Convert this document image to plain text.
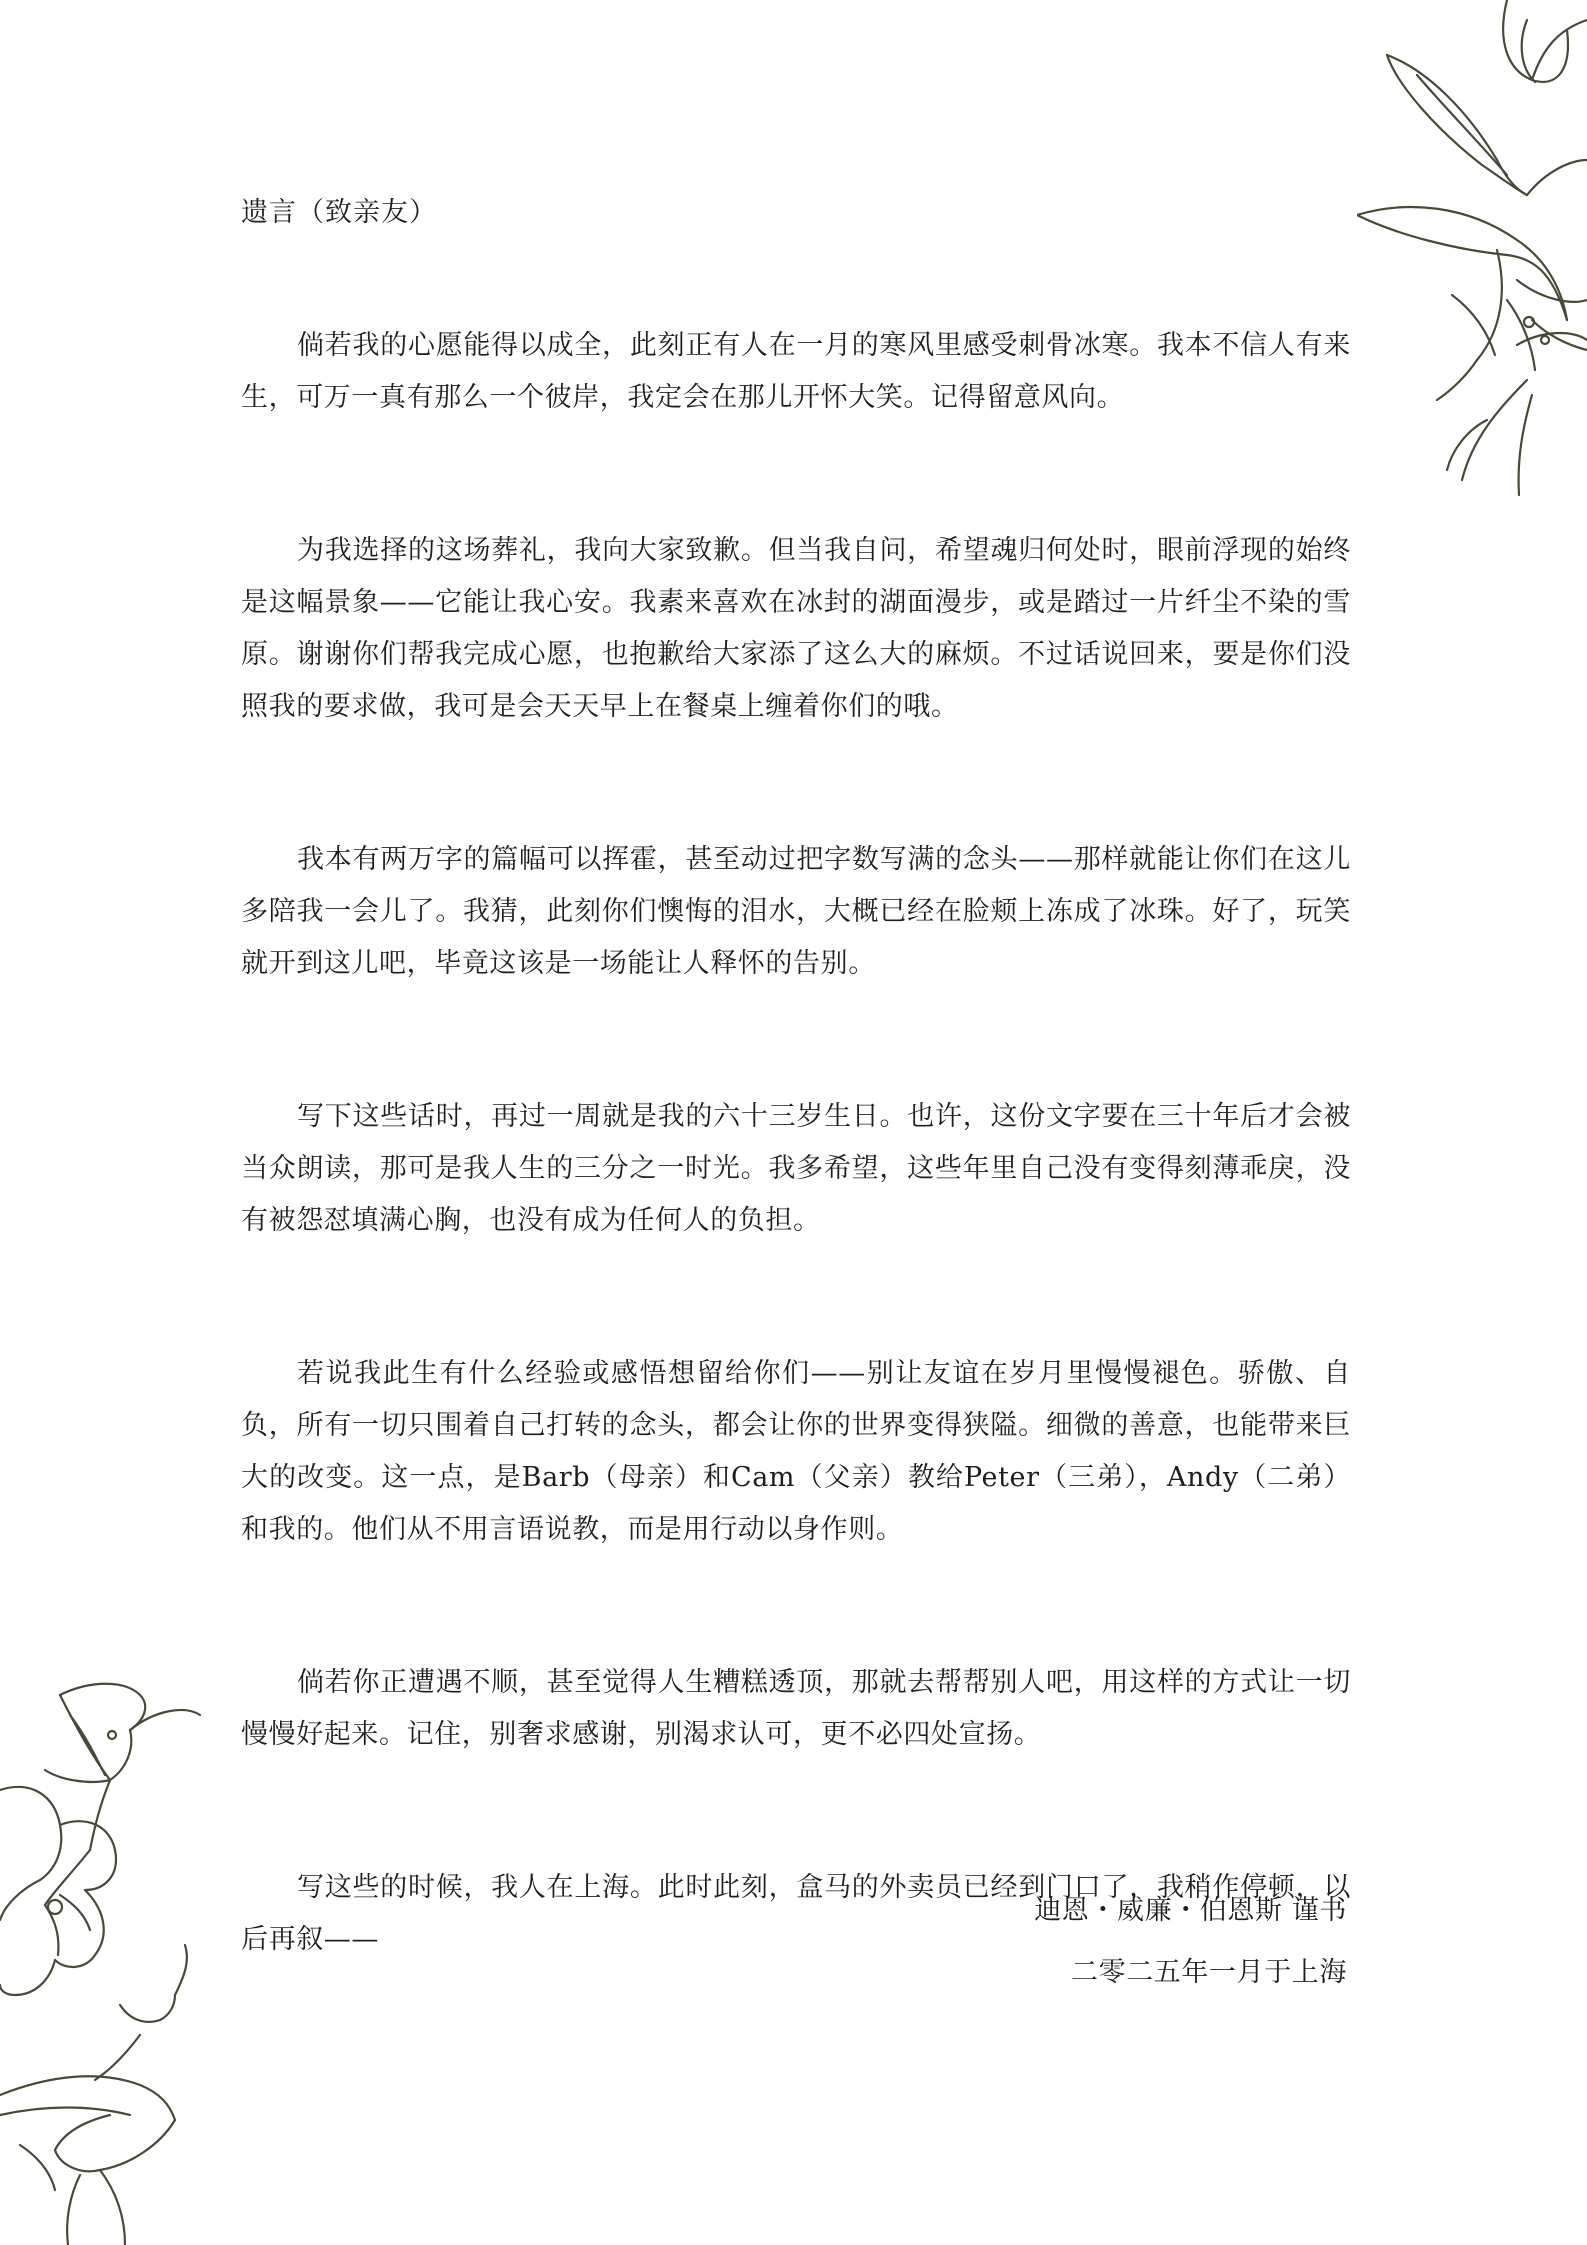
遗言（致亲友）

倘若我的心愿能得以成全，此刻正有人在一月的寒风里感受刺骨冰寒。我本不信人有来生，可万一真有那么一个彼岸，我定会在那儿开怀大笑。记得留意风向。

为我选择的这场葬礼，我向大家致歉。但当我自问，希望魂归何处时，眼前浮现的始终是这幅景象——它能让我心安。我素来喜欢在冰封的湖面漫步，或是踏过一片纤尘不染的雪原。谢谢你们帮我完成心愿，也抱歉给大家添了这么大的麻烦。不过话说回来，要是你们没照我的要求做，我可是会天天早上在餐桌上缠着你们的哦。

我本有两万字的篇幅可以挥霍，甚至动过把字数写满的念头——那样就能让你们在这儿多陪我一会儿了。我猜，此刻你们懊悔的泪水，大概已经在脸颊上冻成了冰珠。好了，玩笑就开到这儿吧，毕竟这该是一场能让人释怀的告别。

写下这些话时，再过一周就是我的六十三岁生日。也许，这份文字要在三十年后才会被当众朗读，那可是我人生的三分之一时光。我多希望，这些年里自己没有变得刻薄乖戾，没有被怨怼填满心胸，也没有成为任何人的负担。

若说我此生有什么经验或感悟想留给你们——别让友谊在岁月里慢慢褪色。骄傲、自负，所有一切只围着自己打转的念头，都会让你的世界变得狭隘。细微的善意，也能带来巨大的改变。这一点，是Barb（母亲）和Cam（父亲）教给Peter（三弟），Andy（二弟）和我的。他们从不用言语说教，而是用行动以身作则。

倘若你正遭遇不顺，甚至觉得人生糟糕透顶，那就去帮帮别人吧，用这样的方式让一切慢慢好起来。记住，别奢求感谢，别渴求认可，更不必四处宣扬。

写这些的时候，我人在上海。此时此刻，盒马的外卖员已经到门口了，我稍作停顿，以后再叙——

迪恩・威廉・伯恩斯 谨书

二零二五年一月于上海
